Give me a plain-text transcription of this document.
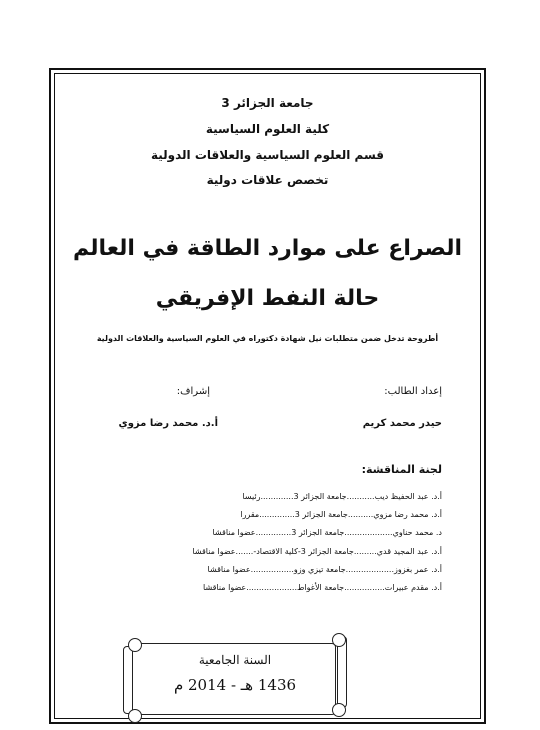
جامعة الجزائر 3
كلية العلوم السياسية
قسم العلوم السياسية والعلاقات الدولية
تخصص علاقات دولية
الصراع على موارد الطاقة في العالم
حالة النفط الإفريقي
أطروحة تدخل ضمن متطلبات نيل شهادة دكتوراه في العلوم السياسية والعلاقات الدولية
إعداد الطالب:
حيدر محمد كريم
إشراف:
أ.د. محمد رضا مزوي
لجنة المناقشة:
أ.د. عبد الحفيظ ديب...........جامعة الجزائر 3.............رئيسا
أ.د. محمد رضا مزوي..........جامعة الجزائر 3..............مقررا
د. محمد حناوي...................جامعة الجزائر 3..............عضوا مناقشا
أ.د. عبد المجيد قدي.........جامعة الجزائر 3-كلية الاقتصاد-.......عضوا مناقشا
أ.د. عمر بغزوز...................جامعة تيزي وزو.................عضوا مناقشا
أ.د. مقدم عبيرات................جامعة الأغواط....................عضوا مناقشا
السنة الجامعية
1436 هـ - 2014 م
